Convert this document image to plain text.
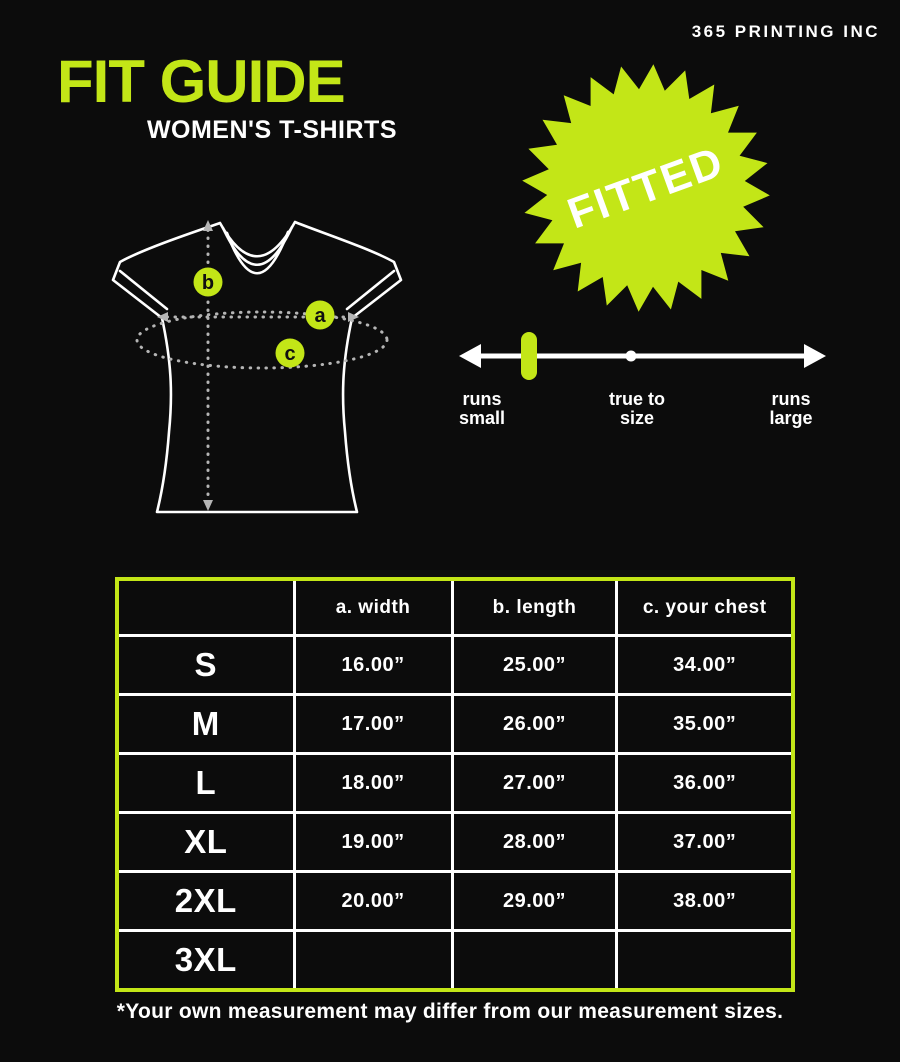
365 PRINTING INC
FIT GUIDE
WOMEN'S T-SHIRTS
FITTED
b
a
c
runs
small
true to
size
runs
large
a. width	b. length	c. your chest
S	16.00”	25.00”	34.00”
M	17.00”	26.00”	35.00”
L	18.00”	27.00”	36.00”
XL	19.00”	28.00”	37.00”
2XL	20.00”	29.00”	38.00”
3XL
*Your own measurement may differ from our measurement sizes.
